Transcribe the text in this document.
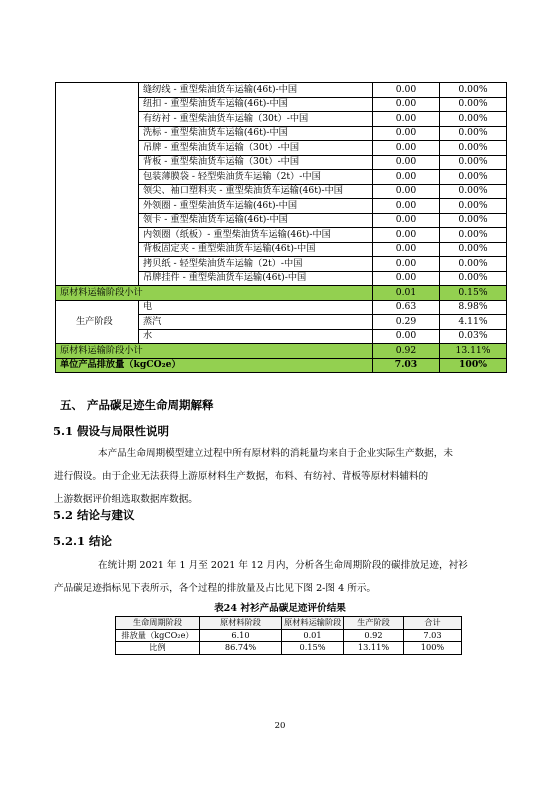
	缝纫线 - 重型柴油货车运输(46t)-中国	0.00	0.00%
	纽扣 - 重型柴油货车运输(46t)-中国	0.00	0.00%
	有纺衬 - 重型柴油货车运输（30t）-中国	0.00	0.00%
	洗标 - 重型柴油货车运输(46t)-中国	0.00	0.00%
	吊牌 - 重型柴油货车运输（30t）-中国	0.00	0.00%
	背板 - 重型柴油货车运输（30t）-中国	0.00	0.00%
	包装薄膜袋 - 轻型柴油货车运输（2t）-中国	0.00	0.00%
	领尖、袖口塑料夹 - 重型柴油货车运输(46t)-中国	0.00	0.00%
	外领圈 - 重型柴油货车运输(46t)-中国	0.00	0.00%
	领卡 - 重型柴油货车运输(46t)-中国	0.00	0.00%
	内领圈（纸板）- 重型柴油货车运输(46t)-中国	0.00	0.00%
	背板固定夹 - 重型柴油货车运输(46t)-中国	0.00	0.00%
	拷贝纸 - 轻型柴油货车运输（2t）-中国	0.00	0.00%
	吊牌挂件 - 重型柴油货车运输(46t)-中国	0.00	0.00%
原材料运输阶段小计		0.01	0.15%
生产阶段	电	0.63	8.98%
	蒸汽	0.29	4.11%
	水	0.00	0.03%
原材料运输阶段小计		0.92	13.11%
单位产品排放量（kgCO₂e）		7.03	100%
五、 产品碳足迹生命周期解释
5.1 假设与局限性说明
本产品生命周期模型建立过程中所有原材料的消耗量均来自于企业实际生产数据，未
进行假设。由于企业无法获得上游原材料生产数据，布料、有纺衬、背板等原材料辅料的
上游数据评价组选取数据库数据。
5.2 结论与建议
5.2.1 结论
在统计期 2021 年 1 月至 2021 年 12 月内，分析各生命周期阶段的碳排放足迹，衬衫
产品碳足迹指标见下表所示，各个过程的排放量及占比见下图 2-图 4 所示。
表24 衬衫产品碳足迹评价结果
生命周期阶段	原材料阶段	原材料运输阶段	生产阶段	合计
排放量（kgCO₂e）	6.10	0.01	0.92	7.03
比例	86.74%	0.15%	13.11%	100%
20
